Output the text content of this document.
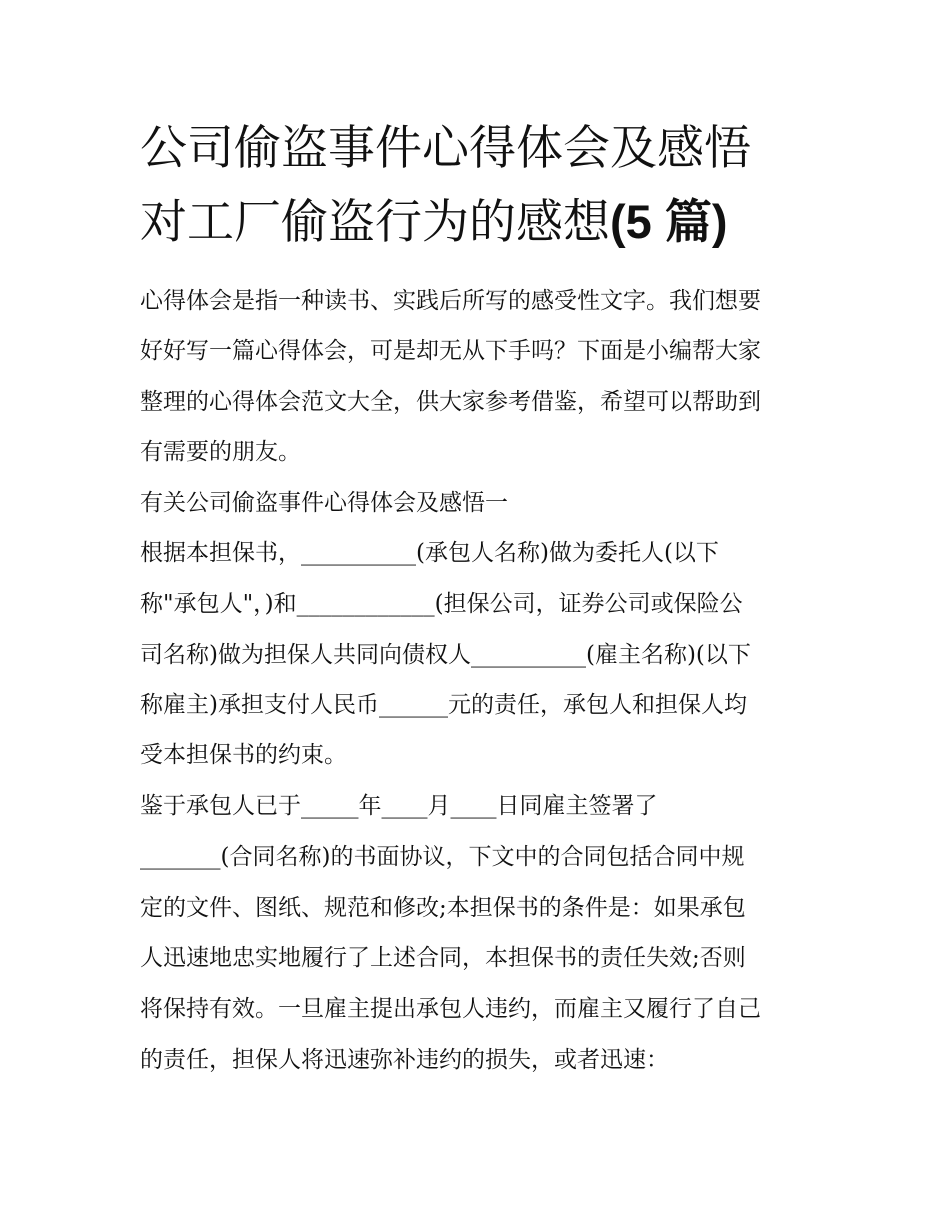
公司偷盗事件心得体会及感悟
对工厂偷盗行为的感想(5 篇)

心得体会是指一种读书、实践后所写的感受性文字。我们想要

好好写一篇心得体会，可是却无从下手吗？下面是小编帮大家

整理的心得体会范文大全，供大家参考借鉴，希望可以帮助到

有需要的朋友。

有关公司偷盗事件心得体会及感悟一

根据本担保书，__________(承包人名称)做为委托人(以下

称"承包人"，)和____________(担保公司，证券公司或保险公

司名称)做为担保人共同向债权人__________(雇主名称)(以下

称雇主)承担支付人民币______元的责任，承包人和担保人均

受本担保书的约束。

鉴于承包人已于_____年____月____日同雇主签署了

_______(合同名称)的书面协议，下文中的合同包括合同中规

定的文件、图纸、规范和修改;本担保书的条件是：如果承包

人迅速地忠实地履行了上述合同，本担保书的责任失效;否则

将保持有效。一旦雇主提出承包人违约，而雇主又履行了自己

的责任，担保人将迅速弥补违约的损失，或者迅速：
